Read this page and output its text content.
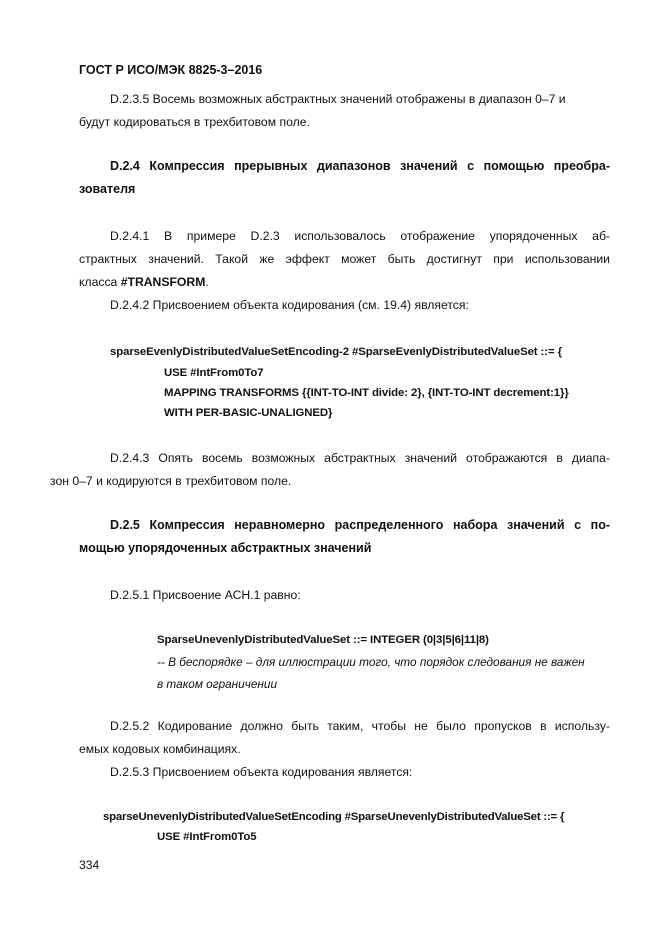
ГОСТ Р ИСО/МЭК 8825-3–2016
D.2.3.5 Восемь возможных абстрактных значений отображены в диапазон 0–7 и
будут кодироваться в трехбитовом поле.
D.2.4 Компрессия прерывных диапазонов значений с помощью преобра-
зователя
D.2.4.1 В примере D.2.3 использовалось отображение упорядоченных аб-
страктных значений. Такой же эффект может быть достигнут при использовании
класса #TRANSFORM.
D.2.4.2 Присвоением объекта кодирования (см. 19.4) является:
sparseEvenlyDistributedValueSetEncoding-2 #SparseEvenlyDistributedValueSet ::= {
USE #IntFrom0To7
MAPPING TRANSFORMS {{INT-TO-INT divide: 2}, {INT-TO-INT decrement:1}}
WITH PER-BASIC-UNALIGNED}
D.2.4.3 Опять восемь возможных абстрактных значений отображаются в диапа-
зон 0–7 и кодируются в трехбитовом поле.
D.2.5 Компрессия неравномерно распределенного набора значений с по-
мощью упорядоченных абстрактных значений
D.2.5.1 Присвоение АСН.1 равно:
SparseUnevenlyDistributedValueSet ::= INTEGER (0|3|5|6|11|8)
-- В беспорядке – для иллюстрации того, что порядок следования не важен
в таком ограничении
D.2.5.2 Кодирование должно быть таким, чтобы не было пропусков в использу-
емых кодовых комбинациях.
D.2.5.3 Присвоением объекта кодирования является:
sparseUnevenlyDistributedValueSetEncoding #SparseUnevenlyDistributedValueSet ::= {
USE #IntFrom0To5
334
